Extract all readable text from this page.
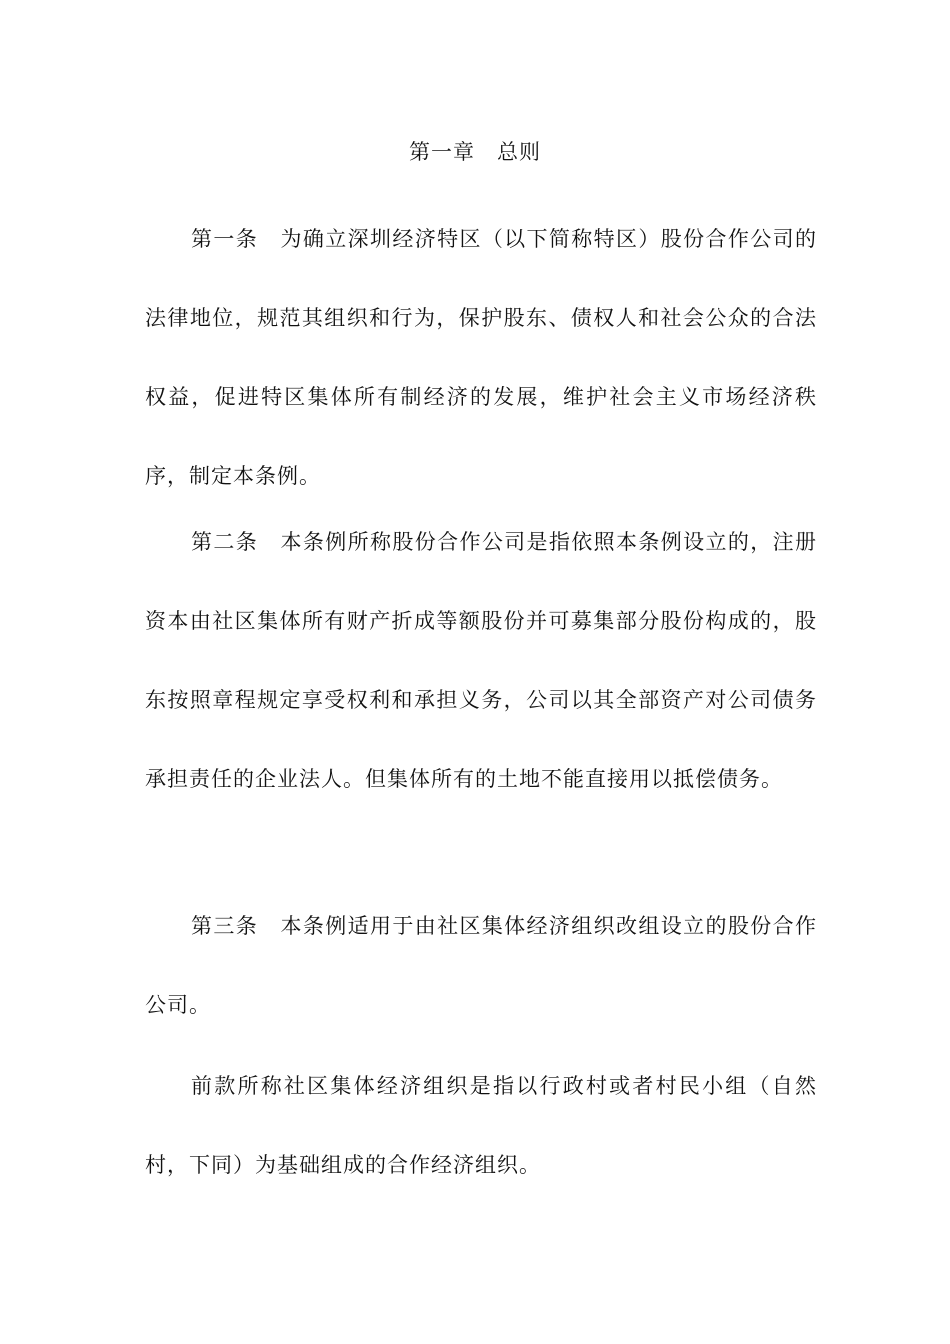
第一章　总则

第一条　为确立深圳经济特区（以下简称特区）股份合作公司的法律地位，规范其组织和行为，保护股东、债权人和社会公众的合法权益，促进特区集体所有制经济的发展，维护社会主义市场经济秩序，制定本条例。

第二条　本条例所称股份合作公司是指依照本条例设立的，注册资本由社区集体所有财产折成等额股份并可募集部分股份构成的，股东按照章程规定享受权利和承担义务，公司以其全部资产对公司债务承担责任的企业法人。但集体所有的土地不能直接用以抵偿债务。

第三条　本条例适用于由社区集体经济组织改组设立的股份合作公司。

前款所称社区集体经济组织是指以行政村或者村民小组（自然村，下同）为基础组成的合作经济组织。
